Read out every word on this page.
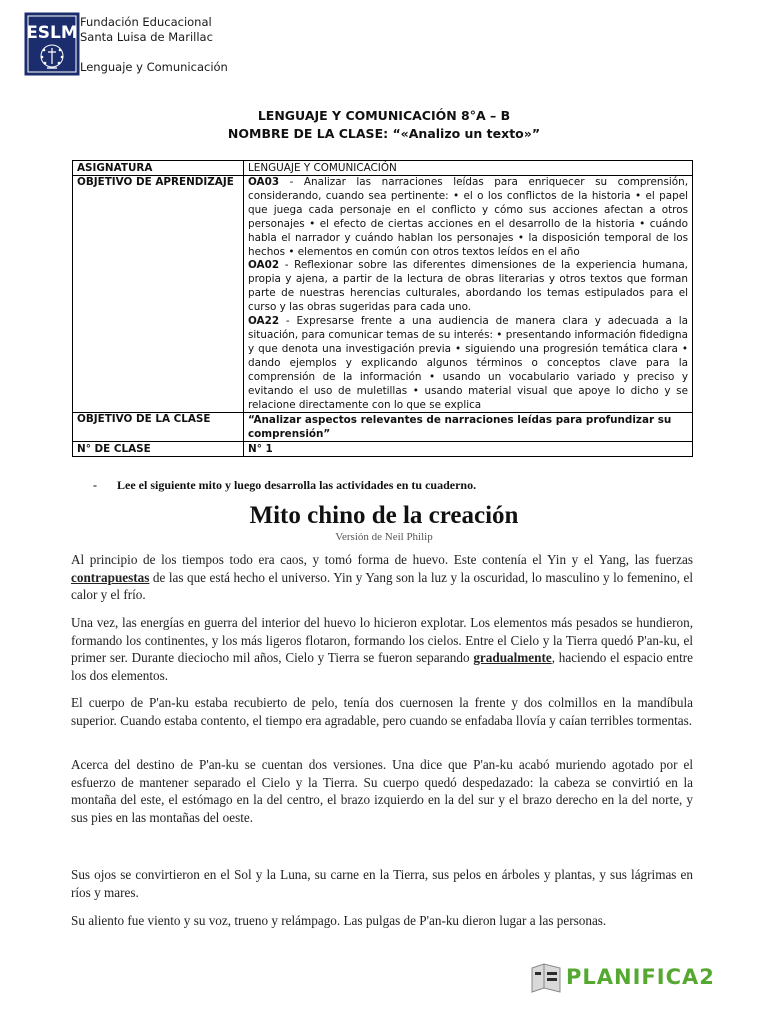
ESLM
Fundación Educacional
Santa Luisa de Marillac
Lenguaje y Comunicación
LENGUAJE Y COMUNICACIÓN 8°A – B
NOMBRE DE LA CLASE: “«Analizo un texto»”
ASIGNATURA	LENGUAJE Y COMUNICACIÓN
OBJETIVO DE APRENDIZAJE	OA03 - Analizar las narraciones leídas para enriquecer su comprensión, considerando, cuando sea pertinente: • el o los conflictos de la historia • el papel que juega cada personaje en el conflicto y cómo sus acciones afectan a otros personajes • el efecto de ciertas acciones en el desarrollo de la historia • cuándo habla el narrador y cuándo hablan los personajes • la disposición temporal de los hechos • elementos en común con otros textos leídos en el año

OA02 - Reflexionar sobre las diferentes dimensiones de la experiencia humana, propia y ajena, a partir de la lectura de obras literarias y otros textos que forman parte de nuestras herencias culturales, abordando los temas estipulados para el curso y las obras sugeridas para cada uno.

OA22 - Expresarse frente a una audiencia de manera clara y adecuada a la situación, para comunicar temas de su interés: • presentando información fidedigna y que denota una investigación previa • siguiendo una progresión temática clara • dando ejemplos y explicando algunos términos o conceptos clave para la comprensión de la información • usando un vocabulario variado y preciso y evitando el uso de muletillas • usando material visual que apoye lo dicho y se relacione directamente con lo que se explica

OBJETIVO DE LA CLASE	“Analizar aspectos relevantes de narraciones leídas para profundizar su comprensión”
N° DE CLASE	N° 1
- Lee el siguiente mito y luego desarrolla las actividades en tu cuaderno.
Mito chino de la creación
Versión de Neil Philip

Al principio de los tiempos todo era caos, y tomó forma de huevo. Este contenía el Yin y el Yang, las fuerzas contrapuestas de las que está hecho el universo. Yin y Yang son la luz y la oscuridad, lo masculino y lo femenino, el calor y el frío.

Una vez, las energías en guerra del interior del huevo lo hicieron explotar. Los elementos más pesados se hundieron, formando los continentes, y los más ligeros flotaron, formando los cielos. Entre el Cielo y la Tierra quedó P'an-ku, el primer ser. Durante dieciocho mil años, Cielo y Tierra se fueron separando gradualmente, haciendo el espacio entre los dos elementos.

El cuerpo de P'an-ku estaba recubierto de pelo, tenía dos cuernosen la frente y dos colmillos en la mandíbula superior. Cuando estaba contento, el tiempo era agradable, pero cuando se enfadaba llovía y caían terribles tormentas.

Acerca del destino de P'an-ku se cuentan dos versiones. Una dice que P'an-ku acabó muriendo agotado por el esfuerzo de mantener separado el Cielo y la Tierra. Su cuerpo quedó despedazado: la cabeza se convirtió en la montaña del este, el estómago en la del centro, el brazo izquierdo en la del sur y el brazo derecho en la del norte, y sus pies en las montañas del oeste.

Sus ojos se convirtieron en el Sol y la Luna, su carne en la Tierra, sus pelos en árboles y plantas, y sus lágrimas en ríos y mares.

Su aliento fue viento y su voz, trueno y relámpago. Las pulgas de P'an-ku dieron lugar a las personas.

PLANIFICA2
